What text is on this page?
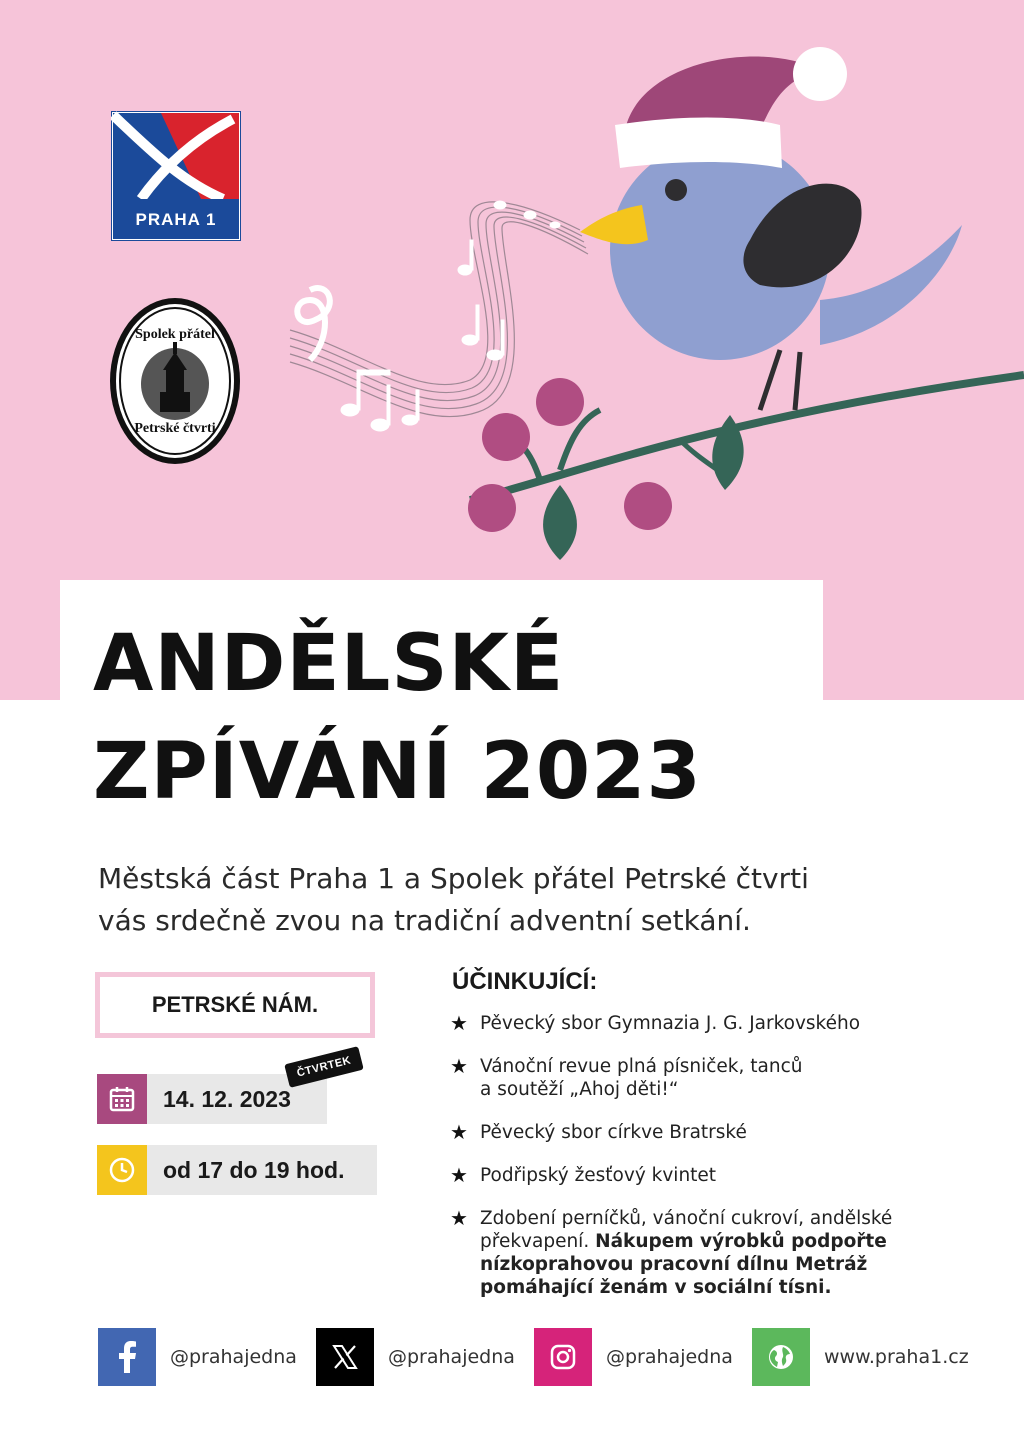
PRAHA 1
Spolek přátel
Petrské čtvrti
ANDĚLSKÉ
ZPÍVÁNÍ 2023

Městská část Praha 1 a Spolek přátel Petrské čtvrti
vás srdečně zvou na tradiční adventní setkání.

PETRSKÉ NÁM.
14. 12. 2023
ČTVRTEK
od 17 do 19 hod.
ÚČINKUJÍCÍ:
★ Pěvecký sbor Gymnazia J. G. Jarkovského
★ Vánoční revue plná písniček, tanců
a soutěží „Ahoj děti!“
★ Pěvecký sbor církve Bratrské
★ Podřipský žesťový kvintet
★ Zdobení perníčků, vánoční cukroví, andělské
překvapení. Nákupem výrobků podpořte nízkoprahovou pracovní dílnu Metráž pomáhající ženám v sociální tísni.
@prahajedna	@prahajedna	@prahajedna	www.praha1.cz
